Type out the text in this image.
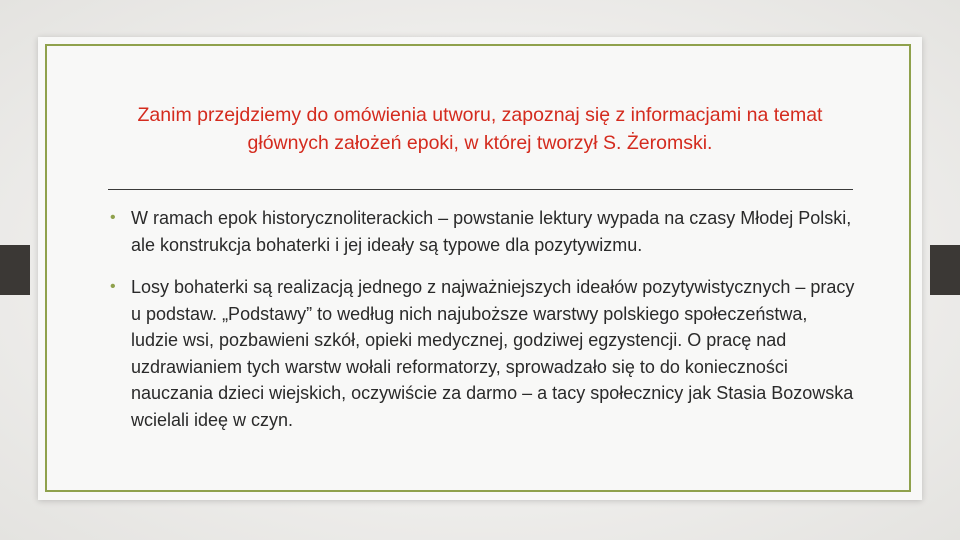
Zanim przejdziemy do omówienia utworu, zapoznaj się z informacjami na temat głównych założeń epoki, w której tworzył S. Żeromski.

• W ramach epok historycznoliterackich – powstanie lektury wypada na czasy Młodej Polski, ale konstrukcja bohaterki i jej ideały są typowe dla pozytywizmu.
• Losy bohaterki są realizacją jednego z najważniejszych ideałów pozytywistycznych – pracy u podstaw. „Podstawy” to według nich najuboższe warstwy polskiego społeczeństwa, ludzie wsi, pozbawieni szkół, opieki medycznej, godziwej egzystencji. O pracę nad uzdrawianiem tych warstw wołali reformatorzy, sprowadzało się to do konieczności nauczania dzieci wiejskich, oczywiście za darmo – a tacy społecznicy jak Stasia Bozowska wcielali ideę w czyn.
